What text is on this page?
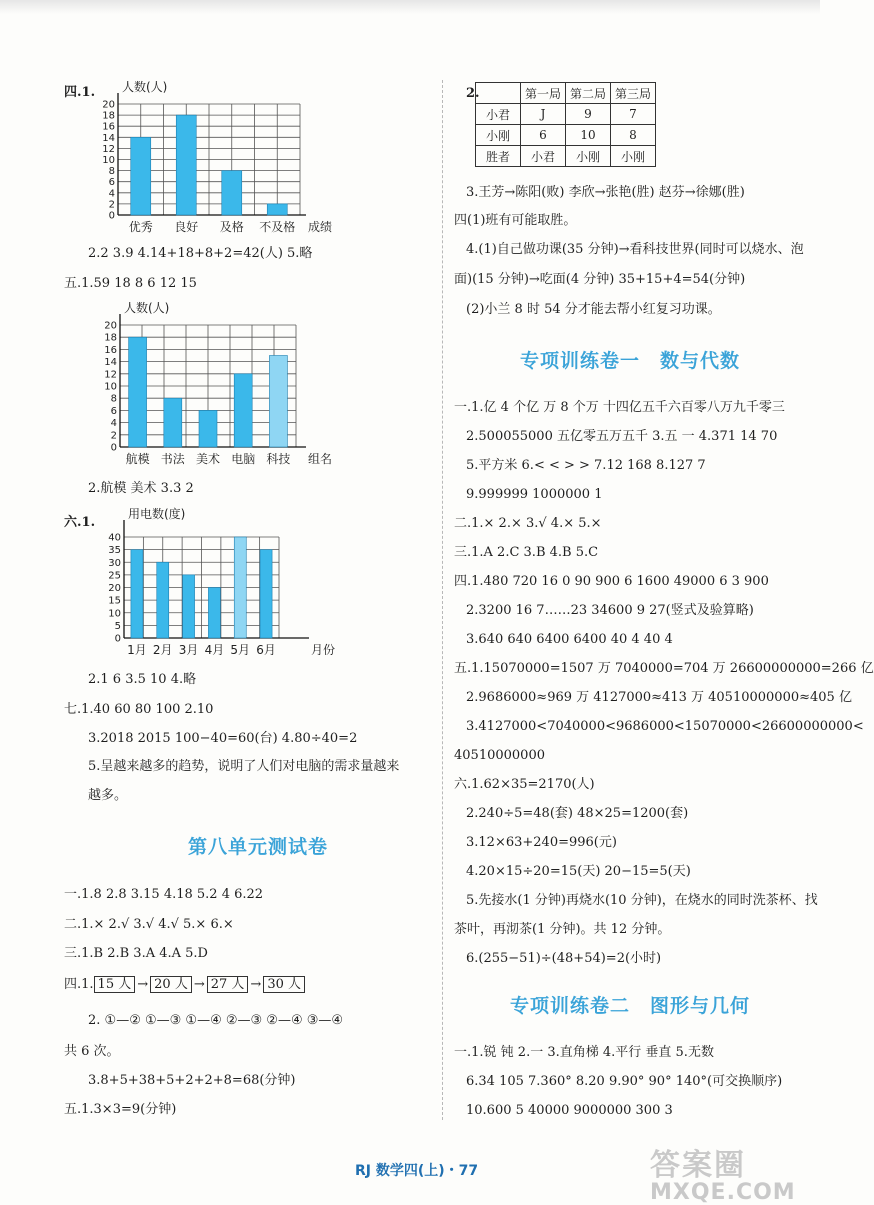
四.1. 人数(人)
0
2
4
6
8
10
12
14
16
18
20
优秀 良好 及格 不及格 成绩
2.2 3.9 4.14+18+8+2=42(人) 5.略
五.1.59 18 8 6 12 15
人数(人)
0
2
4
6
8
10
12
14
16
18
20
航模 书法 美术 电脑 科技 组名
2.航模 美术 3.3 2
六.1.
用电数(度)
0
5
10
15
20
25
30
35
40
1月 2月 3月 4月 5月 6月	月份
2.1 6 3.5 10 4.略
七.1.40 60 80 100 2.10
3.2018 2015 100−40=60(台) 4.80÷40=2
5.呈越来越多的趋势，说明了人们对电脑的需求量越来
越多。
第八单元测试卷
一.1.8 2.8 3.15 4.18 5.2 4 6.22
二.1.× 2.√ 3.√ 4.√ 5.× 6.×
三.1.B 2.B 3.A 4.A 5.D
四.1. 15 人 → 20 人 → 27 人 → 30 人
2. ①—② ①—③ ①—④ ②—③ ②—④ ③—④
共 6 次。
3.8+5+38+5+2+2+8=68(分钟)
五.1.3×3=9(分钟)
2.
		第一局	第二局	第三局
小君	J	9	7
小刚	6	10	8
胜者	小君	小刚	小刚
3.王芳→陈阳(败) 李欣→张艳(胜) 赵芬→徐娜(胜)
四(1)班有可能取胜。
4.(1)自己做功课(35 分钟)→看科技世界(同时可以烧水、泡
面)(15 分钟)→吃面(4 分钟) 35+15+4=54(分钟)
(2)小兰 8 时 54 分才能去帮小红复习功课。
专项训练卷一　数与代数
一.1.亿 4 个亿 万 8 个万 十四亿五千六百零八万九千零三
2.500055000 五亿零五万五千 3.五 一 4.371 14 70
5.平方米 6.< < > > 7.12 168 8.127 7
9.999999 1000000 1
二.1.× 2.× 3.√ 4.× 5.×
三.1.A 2.C 3.B 4.B 5.C
四.1.480 720 16 0 90 900 6 1600 49000 6 3 900
2.3200 16 7……23 34600 9 27(竖式及验算略)
3.640 640 6400 6400 40 4 40 4
五.1.15070000=1507 万 7040000=704 万 26600000000=266 亿
2.9686000≈969 万 4127000≈413 万 40510000000≈405 亿
3.4127000<7040000<9686000<15070000<26600000000<
40510000000
六.1.62×35=2170(人)
2.240÷5=48(套) 48×25=1200(套)
3.12×63+240=996(元)
4.20×15÷20=15(天) 20−15=5(天)
5.先接水(1 分钟)再烧水(10 分钟)，在烧水的同时洗茶杯、找
茶叶，再沏茶(1 分钟)。共 12 分钟。
6.(255−51)÷(48+54)=2(小时)
专项训练卷二　图形与几何
一.1.锐 钝 2.一 3.直角梯 4.平行 垂直 5.无数
6.34 105 7.360° 8.20 9.90° 90° 140°(可交换顺序)
10.600 5 40000 9000000 300 3
RJ 数学四(上)・77	答案圈
MXQE.COM
